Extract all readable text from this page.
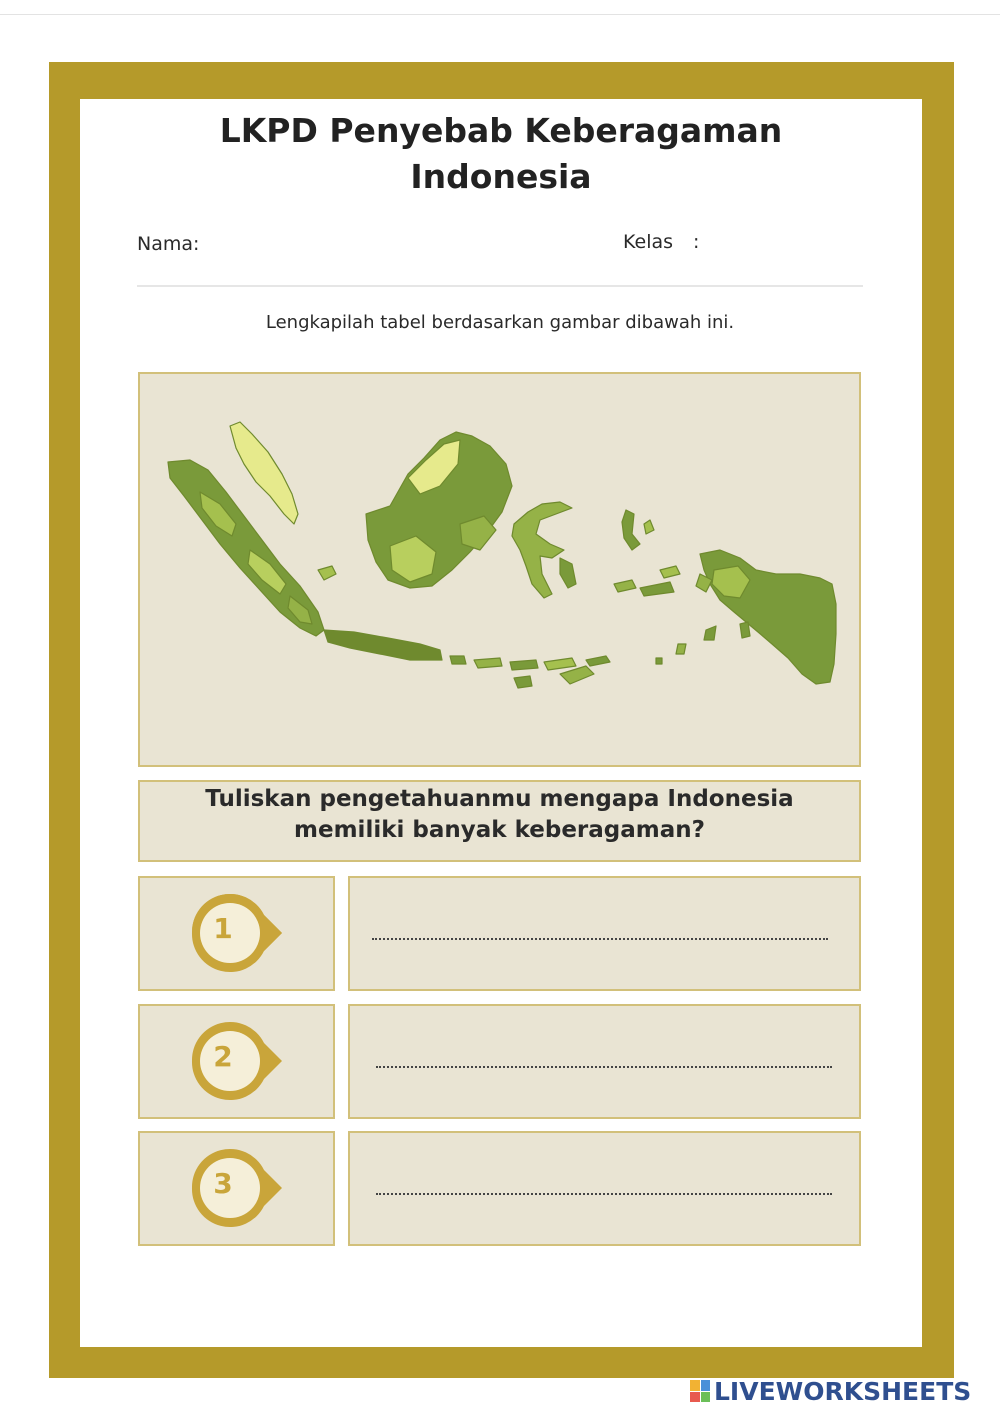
LKPD Penyebab Keberagaman
Indonesia
Nama:	Kelas :
Lengkapilah tabel berdasarkan gambar dibawah ini.
Tuliskan pengetahuanmu mengapa Indonesia
memiliki banyak keberagaman?
1
2
3
LIVEWORKSHEETS
